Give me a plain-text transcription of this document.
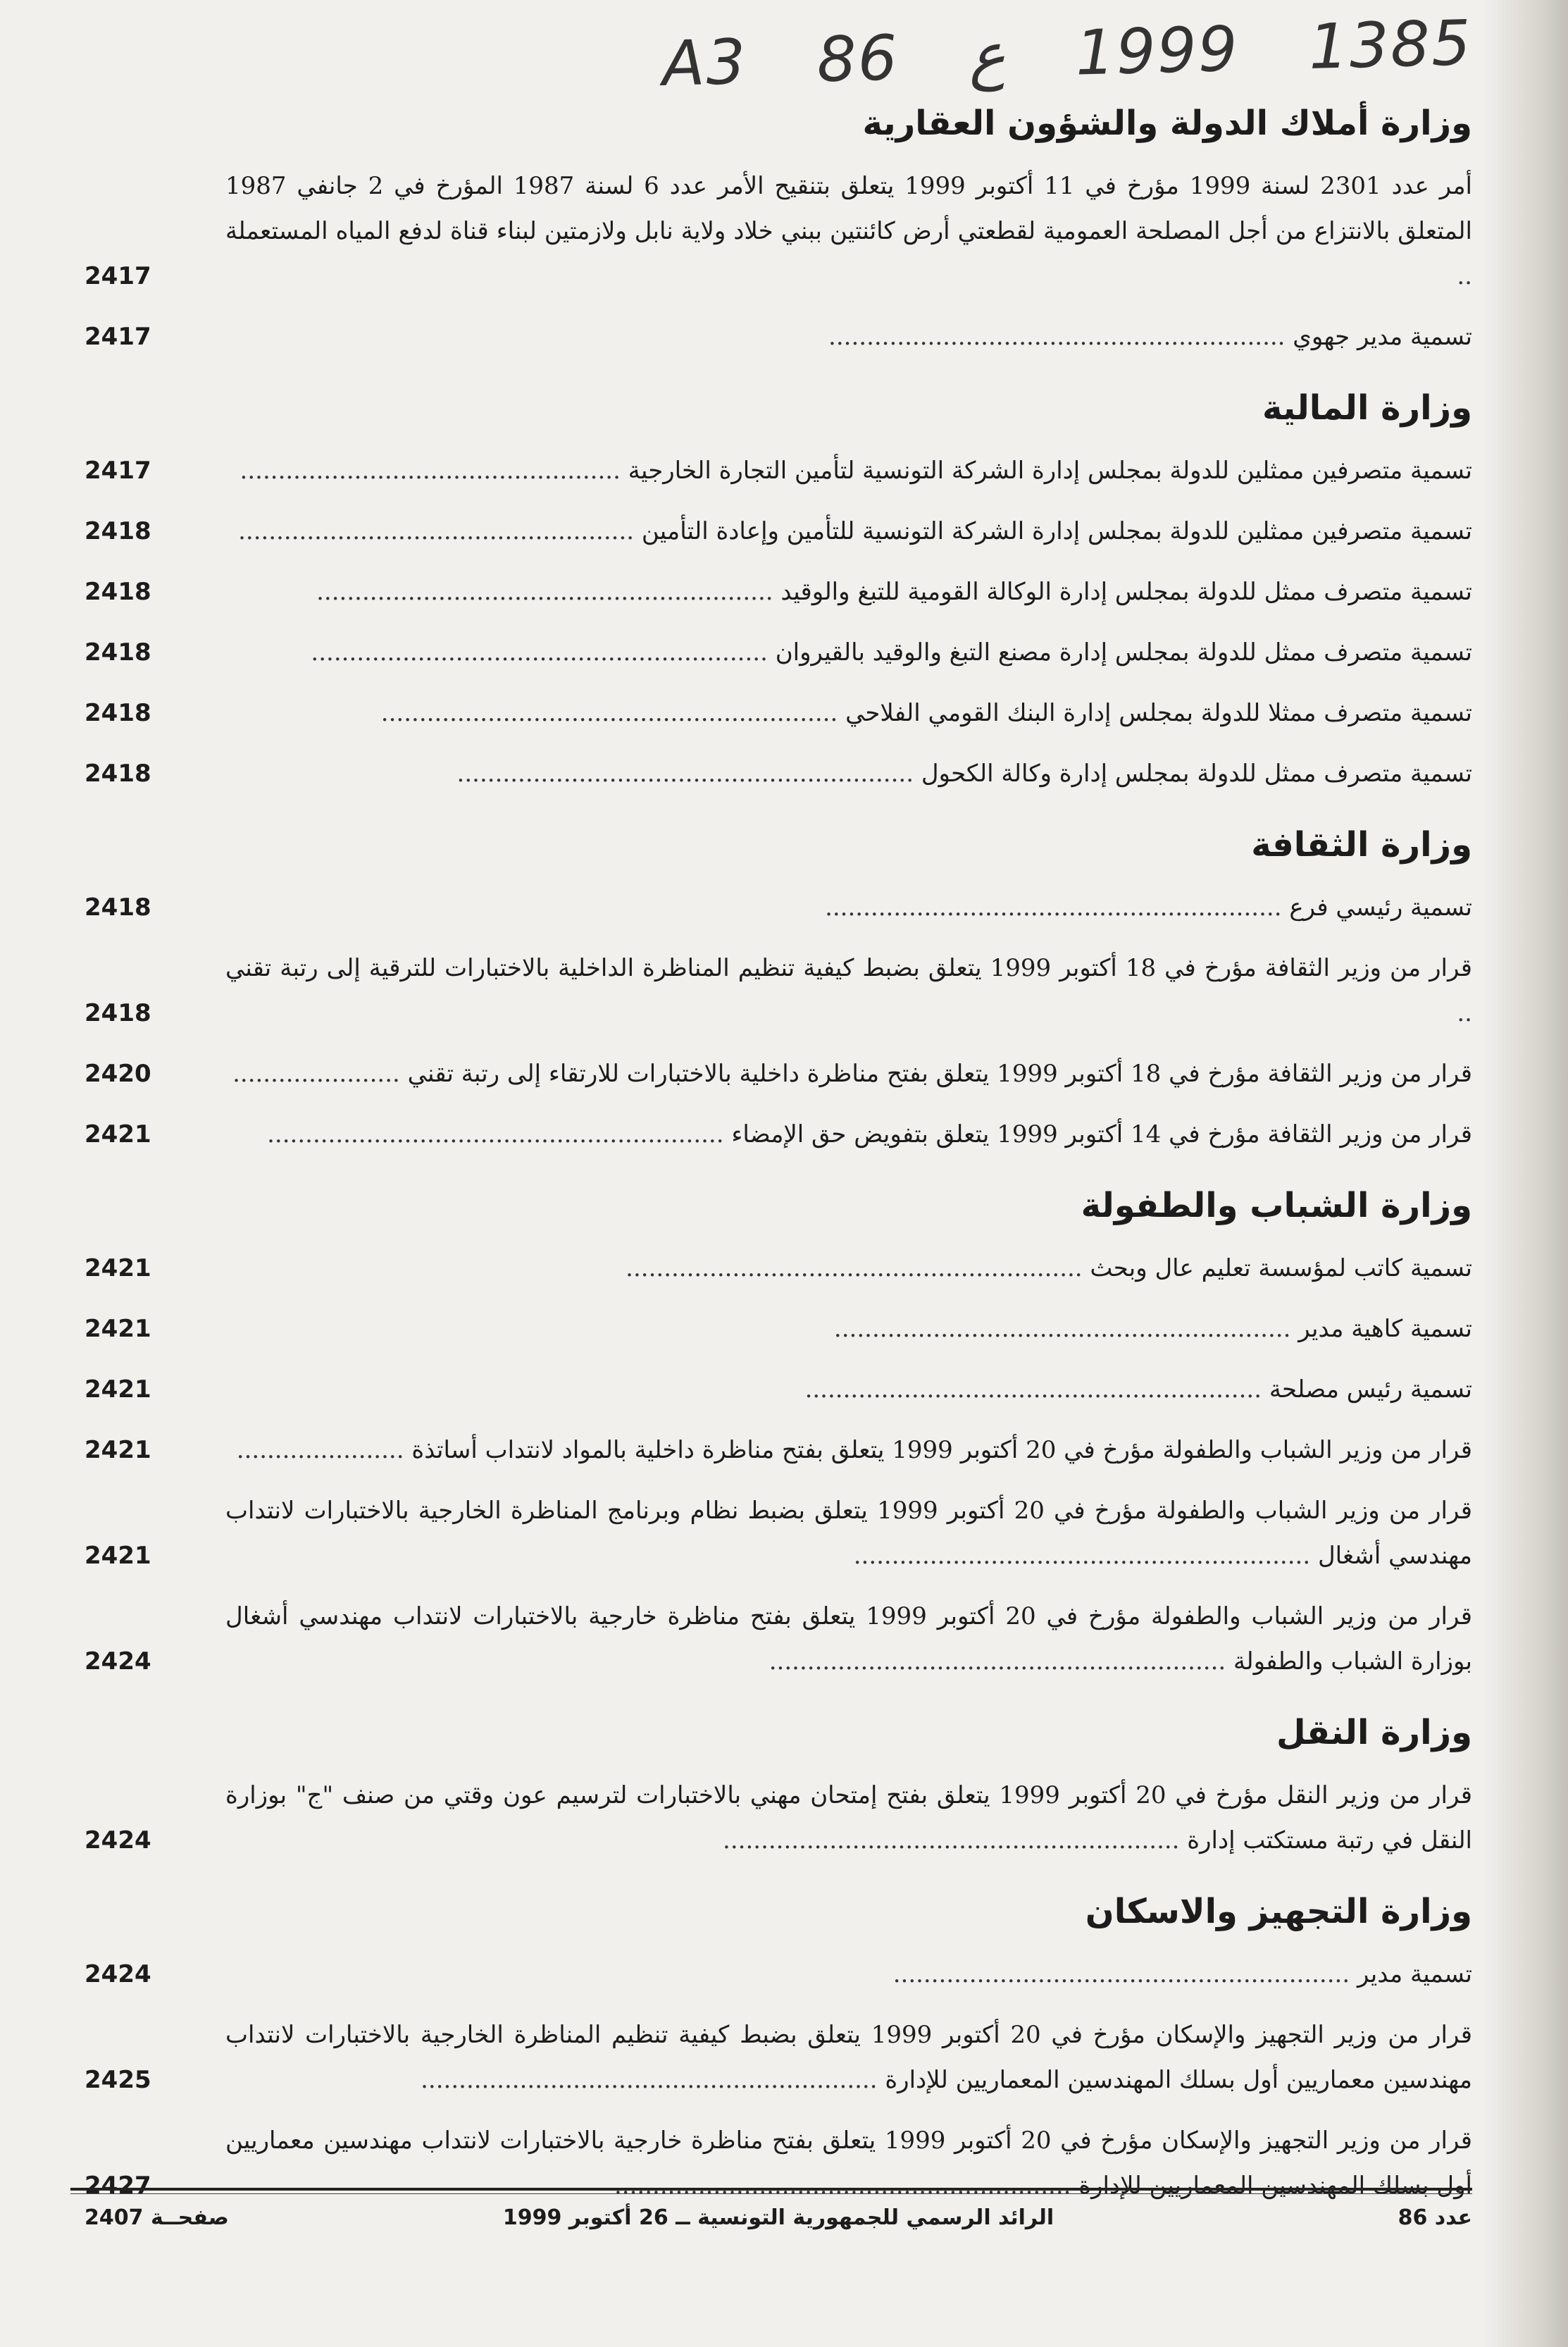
A3 86 ع 1999 1385
وزارة أملاك الدولة والشؤون العقارية
أمر عدد 2301 لسنة 1999 مؤرخ في 11 أكتوبر 1999 يتعلق بتنقيح الأمر عدد 6 لسنة 1987 المؤرخ في 2 جانفي 1987 المتعلق بالانتزاع من أجل المصلحة العمومية لقطعتي أرض كائنتين ببني خلاد ولاية نابل ولازمتين لبناء قناة لدفع المياه المستعملة ..
2417
تسمية مدير جهوي ............................................................
2417
وزارة المالية
تسمية متصرفين ممثلين للدولة بمجلس إدارة الشركة التونسية لتأمين التجارة الخارجية ..................................................
2417
تسمية متصرفين ممثلين للدولة بمجلس إدارة الشركة التونسية للتأمين وإعادة التأمين ....................................................
2418
تسمية متصرف ممثل للدولة بمجلس إدارة الوكالة القومية للتبغ والوقيد ............................................................
2418
تسمية متصرف ممثل للدولة بمجلس إدارة مصنع التبغ والوقيد بالقيروان ............................................................
2418
تسمية متصرف ممثلا للدولة بمجلس إدارة البنك القومي الفلاحي ............................................................
2418
تسمية متصرف ممثل للدولة بمجلس إدارة وكالة الكحول ............................................................
2418
وزارة الثقافة
تسمية رئيسي فرع ............................................................
2418
قرار من وزير الثقافة مؤرخ في 18 أكتوبر 1999 يتعلق بضبط كيفية تنظيم المناظرة الداخلية بالاختبارات للترقية إلى رتبة تقني ..
2418
قرار من وزير الثقافة مؤرخ في 18 أكتوبر 1999 يتعلق بفتح مناظرة داخلية بالاختبارات للارتقاء إلى رتبة تقني ......................
2420
قرار من وزير الثقافة مؤرخ في 14 أكتوبر 1999 يتعلق بتفويض حق الإمضاء ............................................................
2421
وزارة الشباب والطفولة
تسمية كاتب لمؤسسة تعليم عال وبحث ............................................................
2421
تسمية كاهية مدير ............................................................
2421
تسمية رئيس مصلحة ............................................................
2421
قرار من وزير الشباب والطفولة مؤرخ في 20 أكتوبر 1999 يتعلق بفتح مناظرة داخلية بالمواد لانتداب أساتذة ......................
2421
قرار من وزير الشباب والطفولة مؤرخ في 20 أكتوبر 1999 يتعلق بضبط نظام وبرنامج المناظرة الخارجية بالاختبارات لانتداب مهندسي أشغال ............................................................
2421
قرار من وزير الشباب والطفولة مؤرخ في 20 أكتوبر 1999 يتعلق بفتح مناظرة خارجية بالاختبارات لانتداب مهندسي أشغال بوزارة الشباب والطفولة ............................................................
2424
وزارة النقل
قرار من وزير النقل مؤرخ في 20 أكتوبر 1999 يتعلق بفتح إمتحان مهني بالاختبارات لترسيم عون وقتي من صنف "ج" بوزارة النقل في رتبة مستكتب إدارة ............................................................
2424
وزارة التجهيز والاسكان
تسمية مدير ............................................................
2424
قرار من وزير التجهيز والإسكان مؤرخ في 20 أكتوبر 1999 يتعلق بضبط كيفية تنظيم المناظرة الخارجية بالاختبارات لانتداب مهندسين معماريين أول بسلك المهندسين المعماريين للإدارة ............................................................
2425
قرار من وزير التجهيز والإسكان مؤرخ في 20 أكتوبر 1999 يتعلق بفتح مناظرة خارجية بالاختبارات لانتداب مهندسين معماريين أول بسلك المهندسين المعماريين للإدارة ............................................................
2427
عدد 86
الرائد الرسمي للجمهورية التونسية ــ 26 أكتوبر 1999
صفحــة 2407
